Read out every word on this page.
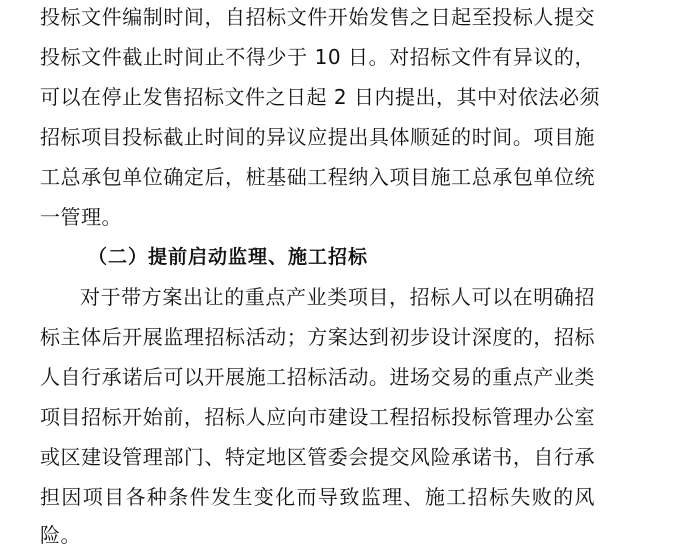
投标文件编制时间，自招标文件开始发售之日起至投标人提交
投标文件截止时间止不得少于 10 日。对招标文件有异议的，
可以在停止发售招标文件之日起 2 日内提出，其中对依法必须
招标项目投标截止时间的异议应提出具体顺延的时间。项目施
工总承包单位确定后，桩基础工程纳入项目施工总承包单位统
一管理。
（二）提前启动监理、施工招标
对于带方案出让的重点产业类项目，招标人可以在明确招
标主体后开展监理招标活动；方案达到初步设计深度的，招标
人自行承诺后可以开展施工招标活动。进场交易的重点产业类
项目招标开始前，招标人应向市建设工程招标投标管理办公室
或区建设管理部门、特定地区管委会提交风险承诺书，自行承
担因项目各种条件发生变化而导致监理、施工招标失败的风
险。
